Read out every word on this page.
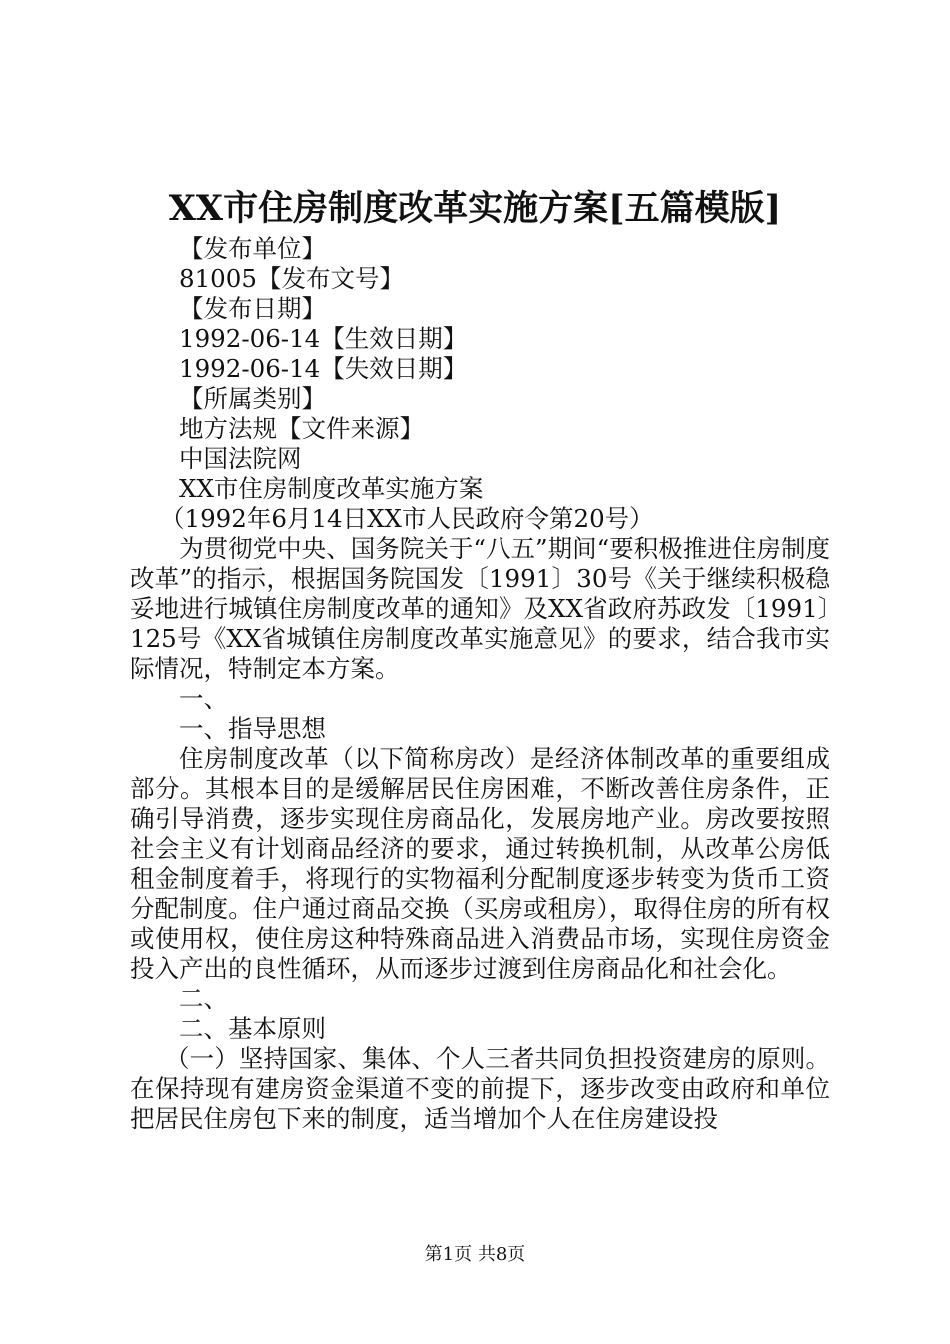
XX市住房制度改革实施方案[五篇模版]
【发布单位】
81005【发布文号】
【发布日期】
1992-06-14【生效日期】
1992-06-14【失效日期】
【所属类别】
地方法规【文件来源】
中国法院网
XX市住房制度改革实施方案
（1992年6月14日XX市人民政府令第20号）

为贯彻党中央、国务院关于“八五”期间“要积极推进住房制度改革”的指示，根据国务院国发〔1991〕30号《关于继续积极稳妥地进行城镇住房制度改革的通知》及XX省政府苏政发〔1991〕125号《XX省城镇住房制度改革实施意见》的要求，结合我市实际情况，特制定本方案。

一、
一、指导思想

住房制度改革（以下简称房改）是经济体制改革的重要组成部分。其根本目的是缓解居民住房困难，不断改善住房条件，正确引导消费，逐步实现住房商品化，发展房地产业。房改要按照社会主义有计划商品经济的要求，通过转换机制，从改革公房低租金制度着手，将现行的实物福利分配制度逐步转变为货币工资分配制度。住户通过商品交换（买房或租房），取得住房的所有权或使用权，使住房这种特殊商品进入消费品市场，实现住房资金投入产出的良性循环，从而逐步过渡到住房商品化和社会化。

二、
二、基本原则

（一）坚持国家、集体、个人三者共同负担投资建房的原则。在保持现有建房资金渠道不变的前提下，逐步改变由政府和单位把居民住房包下来的制度，适当增加个人在住房建设投

第1页 共8页
